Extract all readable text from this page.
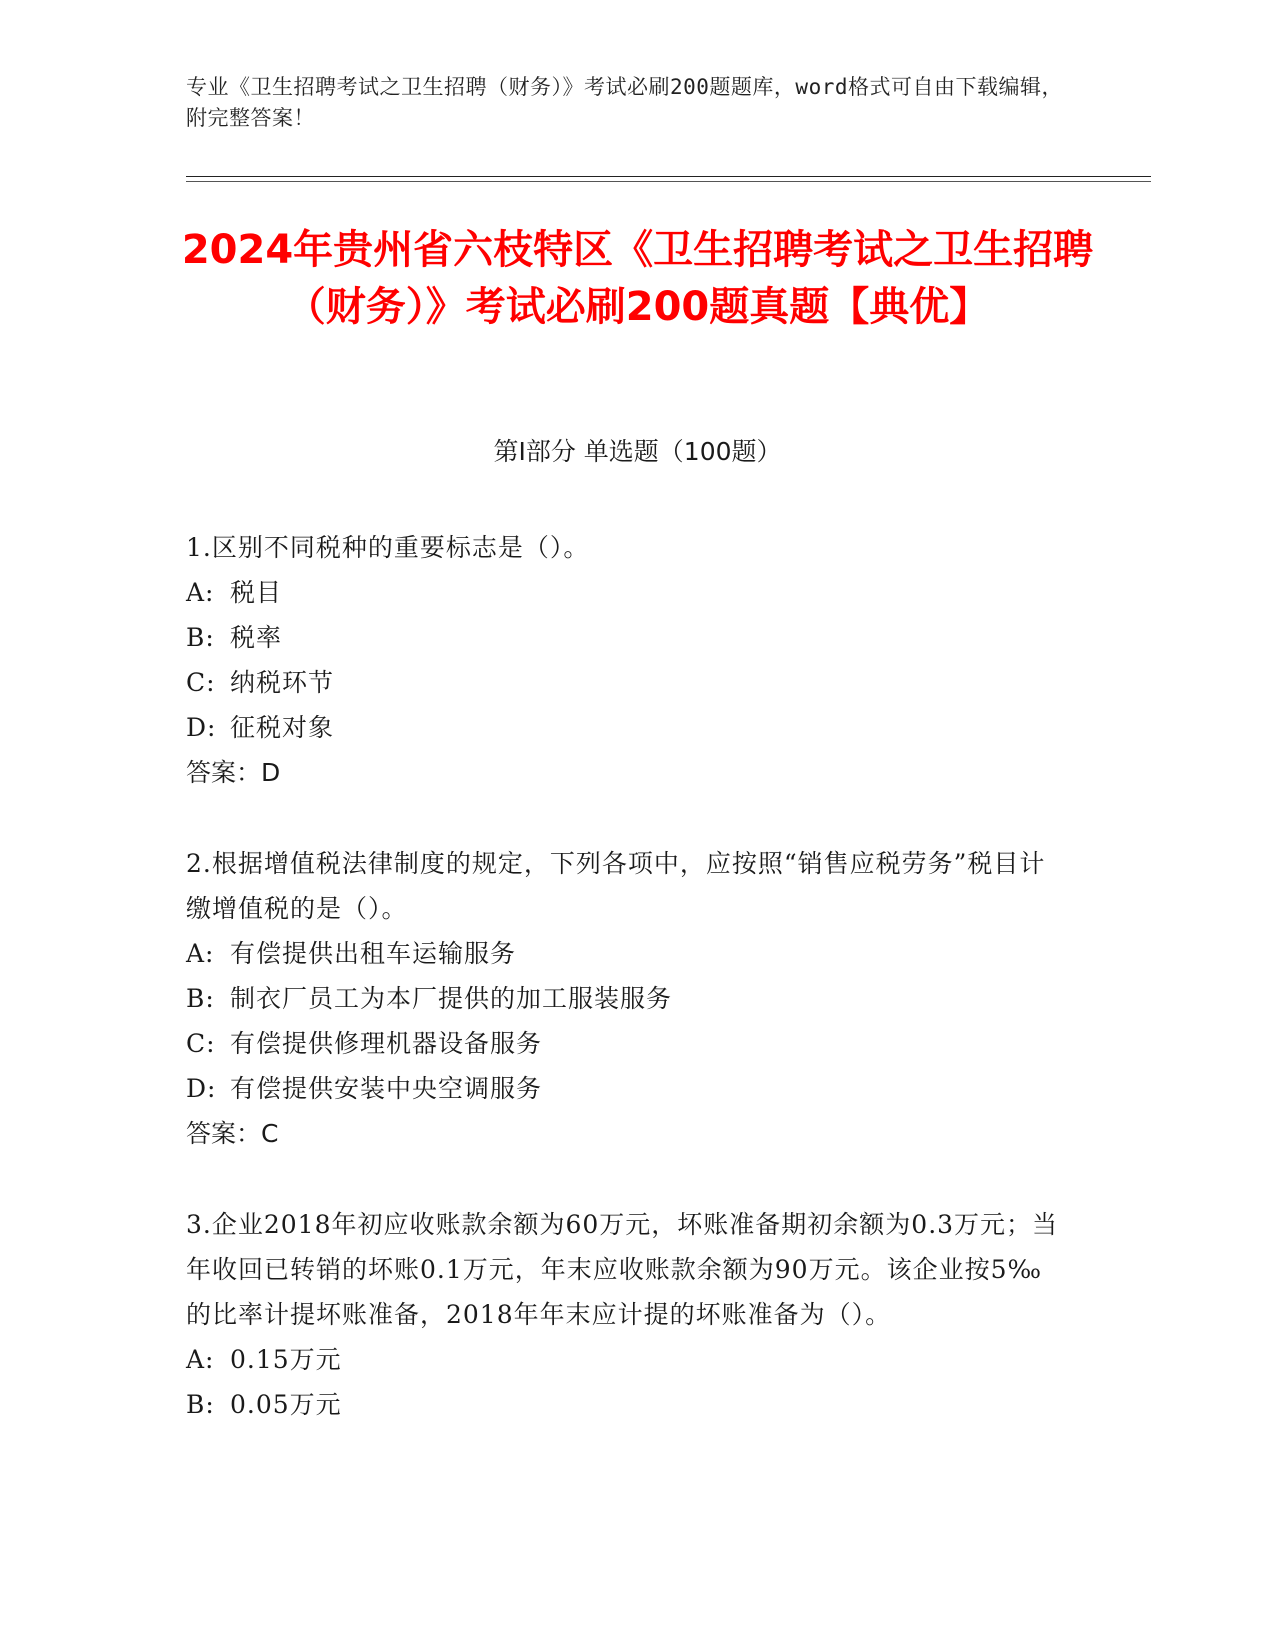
专业《卫生招聘考试之卫生招聘（财务）》考试必刷200题题库，word格式可自由下载编辑，附完整答案！
2024年贵州省六枝特区《卫生招聘考试之卫生招聘（财务）》考试必刷200题真题【典优】
第I部分 单选题（100题）
1.区别不同税种的重要标志是（）。
A: 税目
B: 税率
C: 纳税环节
D: 征税对象
答案：D
2.根据增值税法律制度的规定，下列各项中，应按照“销售应税劳务”税目计缴增值税的是（）。
A: 有偿提供出租车运输服务
B: 制衣厂员工为本厂提供的加工服装服务
C: 有偿提供修理机器设备服务
D: 有偿提供安装中央空调服务
答案：C
3.企业2018年初应收账款余额为60万元，坏账准备期初余额为0.3万元；当年收回已转销的坏账0.1万元，年末应收账款余额为90万元。该企业按5‰的比率计提坏账准备，2018年年末应计提的坏账准备为（）。
A: 0.15万元
B: 0.05万元
